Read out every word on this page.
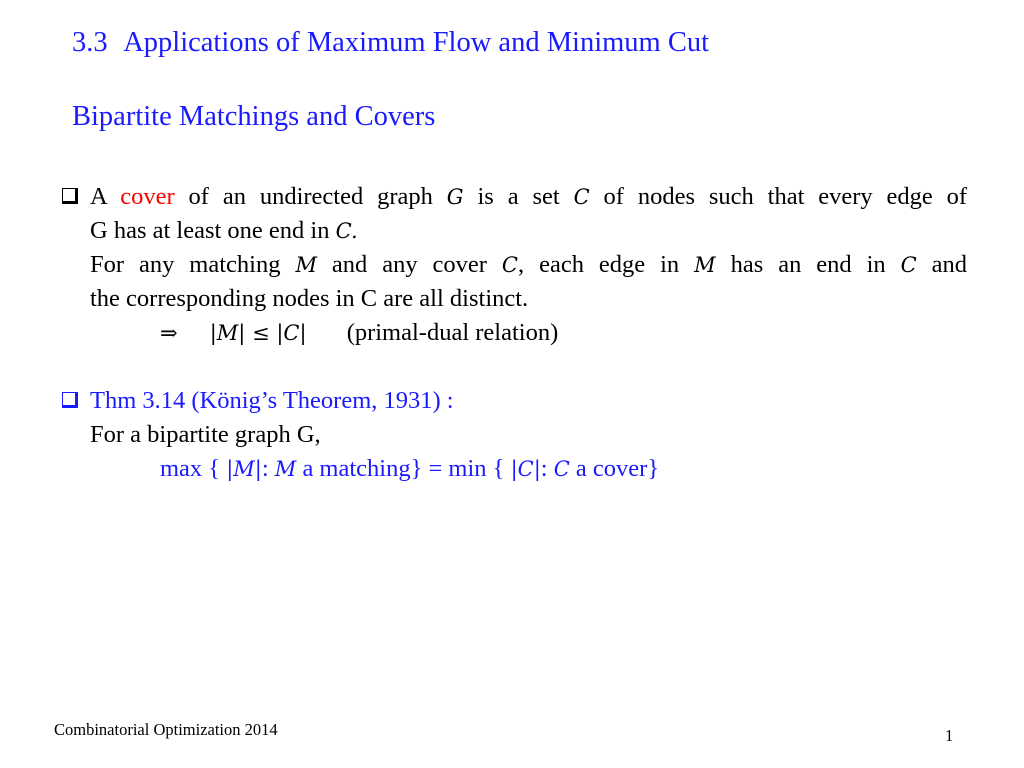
3.3 Applications of Maximum Flow and Minimum Cut
Bipartite Matchings and Covers
A cover of an undirected graph G is a set C of nodes such that every edge of
G has at least one end in C.
For any matching M and any cover C, each edge in M has an end in C and
the corresponding nodes in C are all distinct.
⇒ |M| ≤ |C| (primal-dual relation)
Thm 3.14 (König’s Theorem, 1931) :
For a bipartite graph G,
max { |M|: M a matching} = min { |C|: C a cover}
Combinatorial Optimization 2014	1
